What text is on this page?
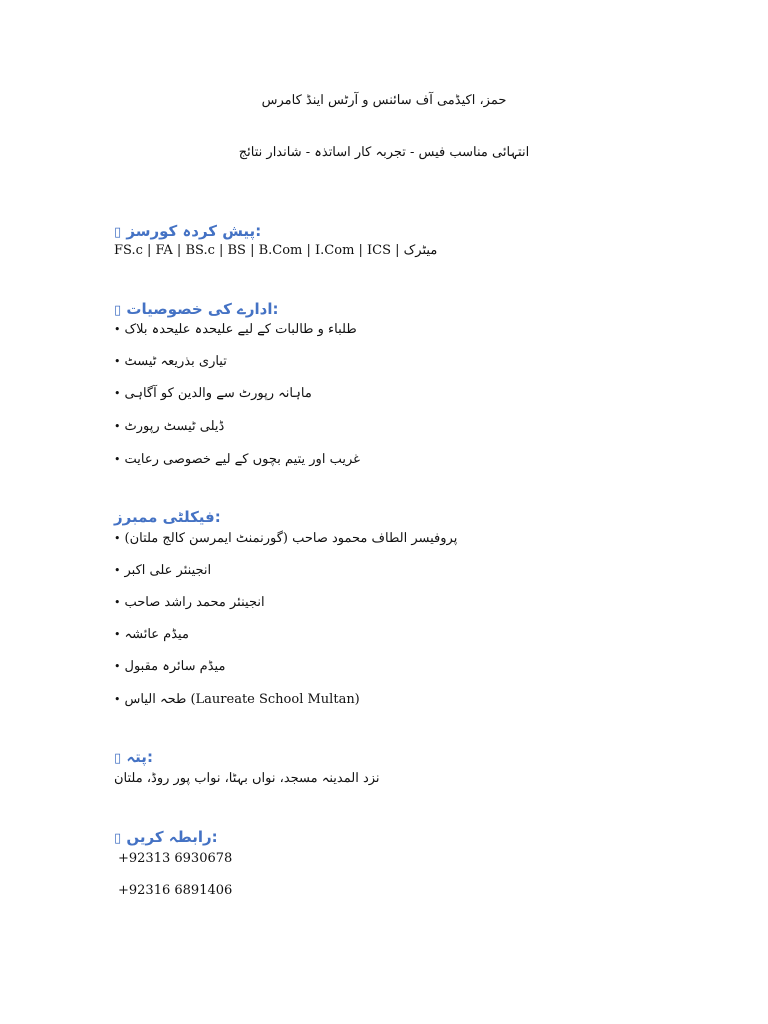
حمز، اکیڈمی آف سائنس و آرٹس اینڈ کامرس
انتہائی مناسب فیس - تجربہ کار اساتذہ - شاندار نتائج
▯ پیش کردہ کورسز:
میٹرک | FS.c | FA | BS.c | BS | B.Com | I.Com | ICS
▯ ادارے کی خصوصیات:
• طلباء و طالبات کے لیے علیحدہ علیحدہ بلاک
• تیاری بذریعہ ٹیسٹ
• ماہانہ رپورٹ سے والدین کو آگاہی
• ڈیلی ٹیسٹ رپورٹ
• غریب اور یتیم بچوں کے لیے خصوصی رعایت
فیکلٹی ممبرز:
• پروفیسر الطاف محمود صاحب (گورنمنٹ ایمرسن کالج ملتان)
• انجینئر علی اکبر
• انجینئر محمد راشد صاحب
• میڈم عائشہ
• میڈم سائرہ مقبول
• طحہ الیاس (Laureate School Multan)
▯ پتہ:
نزد المدینہ مسجد، نواں بہٹا، نواب پور روڈ، ملتان
▯ رابطہ کریں:
+92313 6930678
+92316 6891406
